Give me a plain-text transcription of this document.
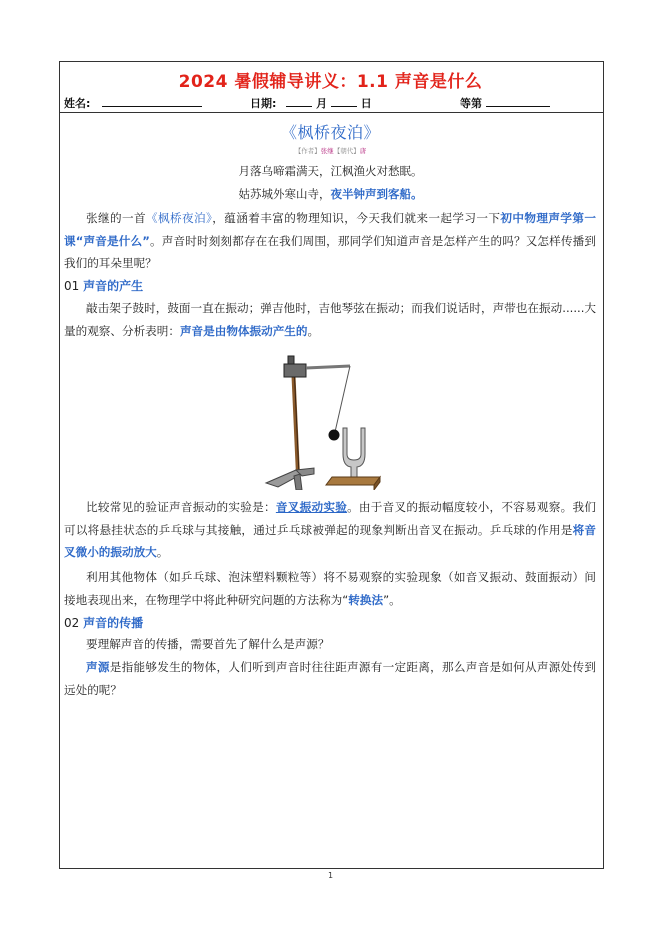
2024 暑假辅导讲义：1.1 声音是什么
姓名:	日期:	月	日	等第
《枫桥夜泊》
【作者】张继【朝代】唐
月落乌啼霜满天，江枫渔火对愁眠。
姑苏城外寒山寺，夜半钟声到客船。
张继的一首《枫桥夜泊》，蕴涵着丰富的物理知识，今天我们就来一起学习一下初中物理声学第一课“声音是什么”。声音时时刻刻都存在在我们周围，那同学们知道声音是怎样产生的吗？又怎样传播到我们的耳朵里呢？
01 声音的产生
敲击架子鼓时，鼓面一直在振动；弹吉他时，吉他琴弦在振动；而我们说话时，声带也在振动......大量的观察、分析表明：声音是由物体振动产生的。
比较常见的验证声音振动的实验是：音叉振动实验。由于音叉的振动幅度较小，不容易观察。我们可以将悬挂状态的乒乓球与其接触，通过乒乓球被弹起的现象判断出音叉在振动。乒乓球的作用是将音叉微小的振动放大。
利用其他物体（如乒乓球、泡沫塑料颗粒等）将不易观察的实验现象（如音叉振动、鼓面振动）间接地表现出来，在物理学中将此种研究问题的方法称为“转换法”。
02 声音的传播
要理解声音的传播，需要首先了解什么是声源？
声源是指能够发生的物体，人们听到声音时往往距声源有一定距离，那么声音是如何从声源处传到远处的呢？
1
